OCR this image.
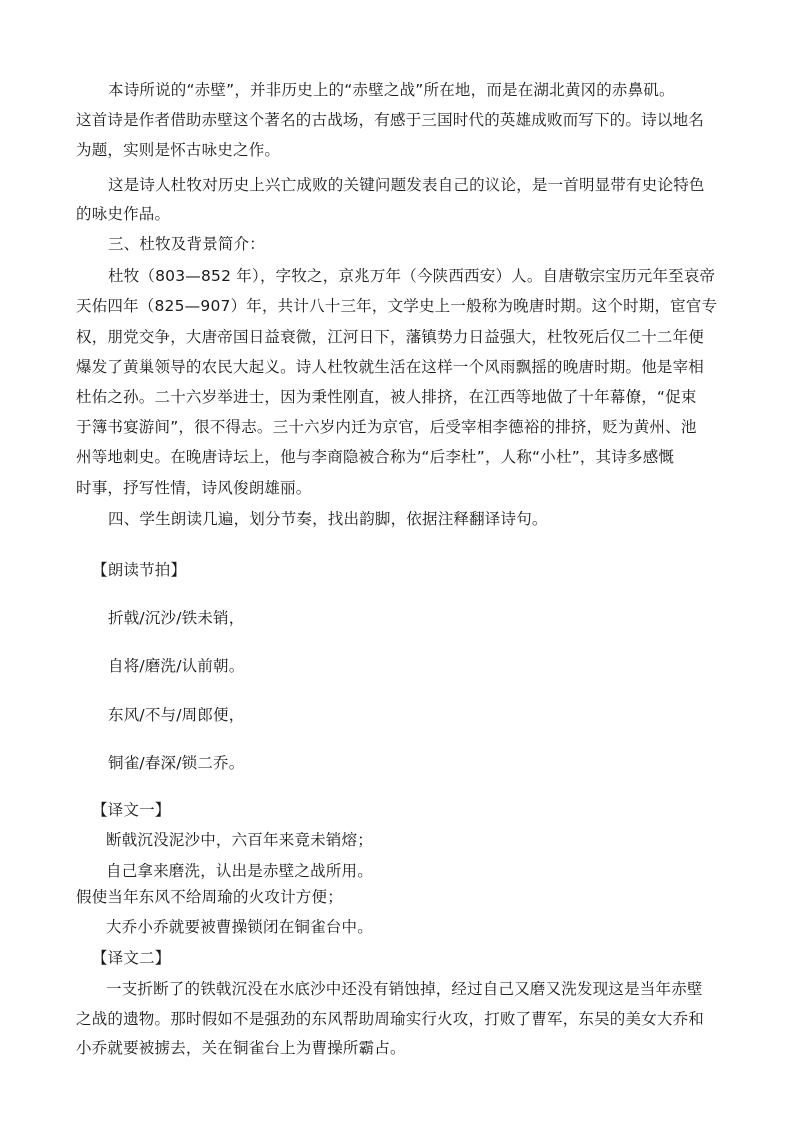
本诗所说的“赤壁”，并非历史上的“赤壁之战”所在地，而是在湖北黄冈的赤鼻矶。
这首诗是作者借助赤壁这个著名的古战场，有感于三国时代的英雄成败而写下的。诗以地名
为题，实则是怀古咏史之作。
这是诗人杜牧对历史上兴亡成败的关键问题发表自己的议论，是一首明显带有史论特色
的咏史作品。
三、杜牧及背景简介：
杜牧（803—852 年），字牧之，京兆万年（今陕西西安）人。自唐敬宗宝历元年至哀帝
天佑四年（825—907）年，共计八十三年，文学史上一般称为晚唐时期。这个时期，宦官专
权，朋党交争，大唐帝国日益衰微，江河日下，藩镇势力日益强大，杜牧死后仅二十二年便
爆发了黄巢领导的农民大起义。诗人杜牧就生活在这样一个风雨飘摇的晚唐时期。他是宰相
杜佑之孙。二十六岁举进士，因为秉性刚直，被人排挤，在江西等地做了十年幕僚，“促束
于簿书宴游间”，很不得志。三十六岁内迁为京官，后受宰相李德裕的排挤，贬为黄州、池
州等地刺史。在晚唐诗坛上，他与李商隐被合称为“后李杜”，人称“小杜”，其诗多感慨
时事，抒写性情，诗风俊朗雄丽。
四、学生朗读几遍，划分节奏，找出韵脚，依据注释翻译诗句。
【朗读节拍】
折戟/沉沙/铁未销，
自将/磨洗/认前朝。
东风/不与/周郎便，
铜雀/春深/锁二乔。
【译文一】
断戟沉没泥沙中，六百年来竟未销熔；
自己拿来磨洗，认出是赤壁之战所用。
假使当年东风不给周瑜的火攻计方便；
大乔小乔就要被曹操锁闭在铜雀台中。
【译文二】
一支折断了的铁戟沉没在水底沙中还没有销蚀掉，经过自己又磨又洗发现这是当年赤壁
之战的遗物。那时假如不是强劲的东风帮助周瑜实行火攻，打败了曹军，东吴的美女大乔和
小乔就要被掳去，关在铜雀台上为曹操所霸占。
